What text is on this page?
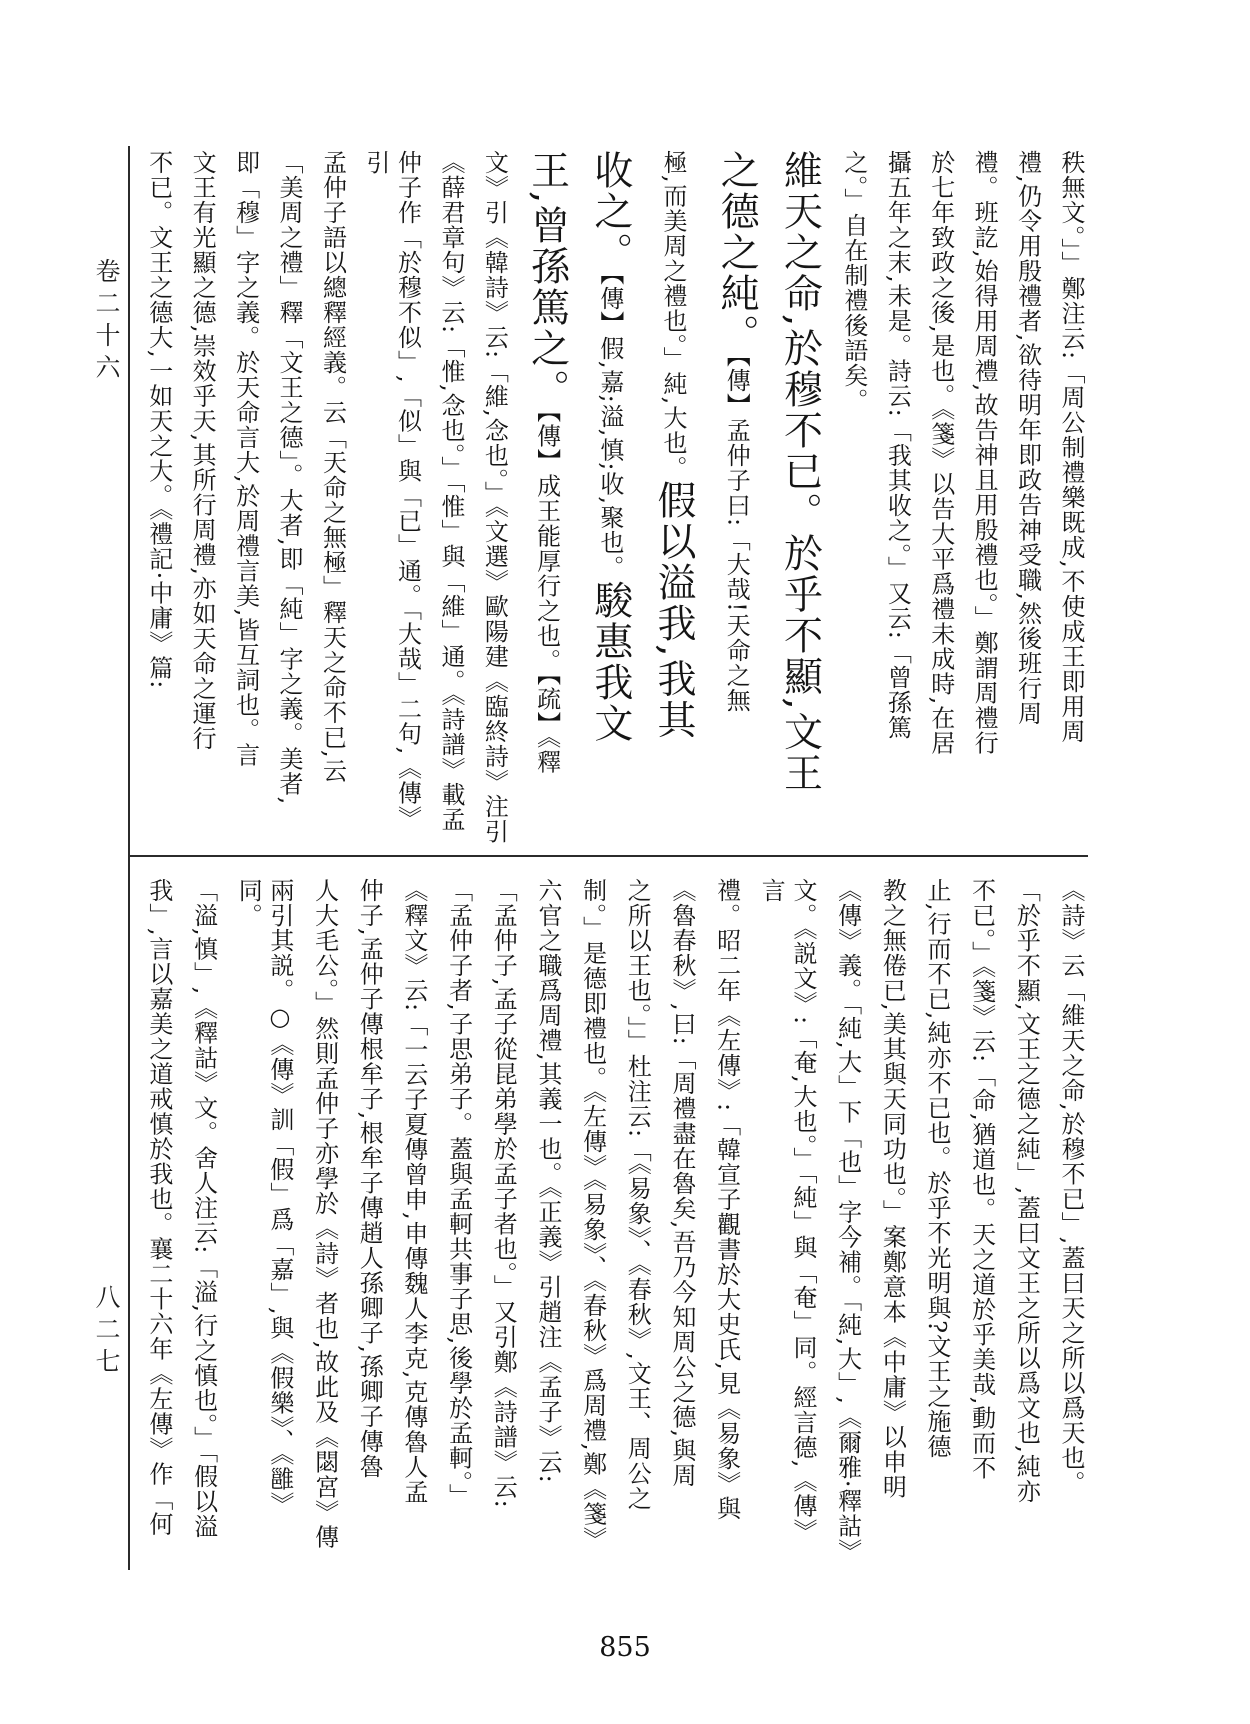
卷二十六	秩無文。」」鄭注云:「周公制禮樂既成,不使成王即用周
禮,仍令用殷禮者,欲待明年即政告神受職,然後班行周
禮。班訖,始得用周禮,故告神且用殷禮也。」鄭謂周禮行
於七年致政之後,是也。《箋》以告大平爲禮未成時,在居
攝五年之末,未是。詩云:「我其收之。」又云:「曾孫篤
之。」自在制禮後語矣。
維天之命,於穆不已。於乎不顯,文王
之德之純。【傳】孟仲子曰:「大哉!天命之無
極,而美周之禮也。」純,大也。假以溢我,我其
收之。【傳】假,嘉;溢,慎;收,聚也。駿惠我文
王,曾孫篤之。【傳】成王能厚行之也。【疏】《釋
文》引《韓詩》云:「維,念也。」《文選》歐陽建《臨終詩》注引
《薛君章句》云:「惟,念也。」「惟」與「維」通。《詩譜》載孟
仲子作「於穆不似」,「似」與「已」通。「大哉」二句,《傳》引
孟仲子語以總釋經義。云「天命之無極」釋天之命不已,云
「美周之禮」釋「文王之德」。大者,即「純」字之義。美者,
即「穆」字之義。於天命言大,於周禮言美,皆互詞也。言
文王有光顯之德,崇效乎天,其所行周禮,亦如天命之運行
不已。文王之德大,一如天之大。《禮記·中庸》篇:
《詩》云「維天之命,於穆不已」,蓋曰天之所以爲天也。
「於乎不顯,文王之德之純」,蓋曰文王之所以爲文也,純亦
不已。」《箋》云:「命,猶道也。天之道於乎美哉,動而不
止,行而不已,純亦不已也。於乎不光明與?文王之施德
教之無倦已,美其與天同功也。」案鄭意本《中庸》以申明
《傳》義。「純,大」下「也」字今補。「純,大」,《爾雅·釋詁》
文。《説文》:「奄,大也。」「純」與「奄」同。經言德,《傳》言
禮。昭二年《左傳》:「韓宣子觀書於大史氏,見《易象》與
《魯春秋》,曰:「周禮盡在魯矣,吾乃今知周公之德,與周
之所以王也。」」杜注云:「《易象》、《春秋》,文王、周公之
制。」是德即禮也。《左傳》《易象》、《春秋》爲周禮,鄭《箋》
六官之職爲周禮,其義一也。《正義》引趙注《孟子》云:
「孟仲子,孟子從昆弟學於孟子者也。」又引鄭《詩譜》云:
「孟仲子者,子思弟子。蓋與孟軻共事子思,後學於孟軻。」
《釋文》云:「一云子夏傳曾申,申傳魏人李克,克傳魯人孟
仲子,孟仲子傳根牟子,根牟子傳趙人孫卿子,孫卿子傳魯
人大毛公。」然則孟仲子亦學於《詩》者也,故此及《閟宮》傳
兩引其説。○《傳》訓「假」爲「嘉」,與《假樂》、《雝》同。
「溢,慎」,《釋詁》文。舍人注云:「溢,行之慎也。」「假以溢
我」,言以嘉美之道戒慎於我也。襄二十六年《左傳》作「何
八二七
855
